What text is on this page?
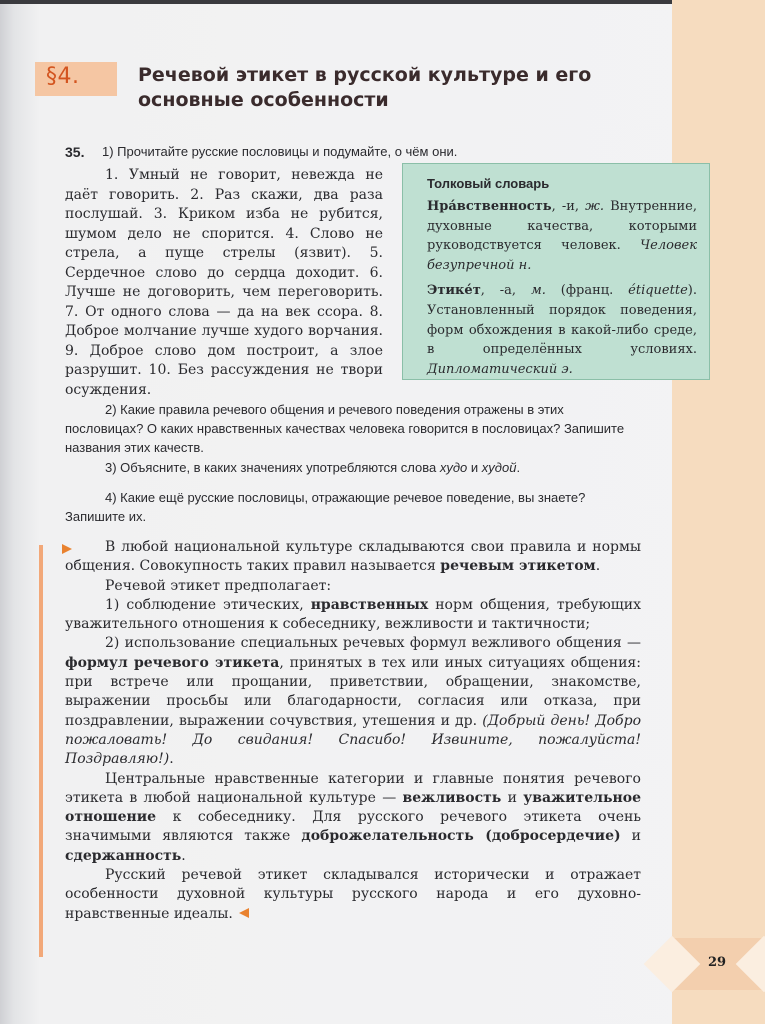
29
§4.	Речевой этикет в русской культуре и его основные особенности
35. 1) Прочитайте русские пословицы и подумайте, о чём они.
1. Умный не говорит, невежда не даёт говорить. 2. Раз скажи, два раза послушай. 3. Криком изба не рубится, шумом дело не спорится. 4. Слово не стрела, а пуще стрелы (язвит). 5. Сердечное слово до сердца доходит. 6. Лучше не договорить, чем переговорить. 7. От одного слова — да на век ссора. 8. Доброе молчание лучше худого ворчания. 9. Доброе слово дом построит, а злое разрушит. 10. Без рассуждения не твори осуждения.
Толковый словарь
Нра́вственность, -и, ж. Внутренние, духовные качества, которыми руководствуется человек. Человек безупречной н.
Этике́т, -а, м. (франц. étiquette). Установленный порядок поведения, форм обхождения в какой-либо среде, в определённых условиях. Дипломатический э.
2) Какие правила речевого общения и речевого поведения отражены в этих пословицах? О каких нравственных качествах человека говорится в пословицах? Запишите названия этих качеств.
3) Объясните, в каких значениях употребляются слова худо и худой.
4) Какие ещё русские пословицы, отражающие речевое поведение, вы знаете? Запишите их.

В любой национальной культуре складываются свои правила и нормы общения. Совокупность таких правил называется речевым этикетом.

Речевой этикет предполагает:

1) соблюдение этических, нравственных норм общения, требующих уважительного отношения к собеседнику, вежливости и тактичности;

2) использование специальных речевых формул вежливого общения — формул речевого этикета, принятых в тех или иных ситуациях общения: при встрече или прощании, приветствии, обращении, знакомстве, выражении просьбы или благодарности, согласия или отказа, при поздравлении, выражении сочувствия, утешения и др. (Добрый день! Добро пожаловать! До свидания! Спасибо! Извините, пожалуйста! Поздравляю!).

Центральные нравственные категории и главные понятия речевого этикета в любой национальной культуре — вежливость и уважительное отношение к собеседнику. Для русского речевого этикета очень значимыми являются также доброжелательность (добросердечие) и сдержанность.

Русский речевой этикет складывался исторически и отражает особенности духовной культуры русского народа и его духовно-нравственные идеалы.
